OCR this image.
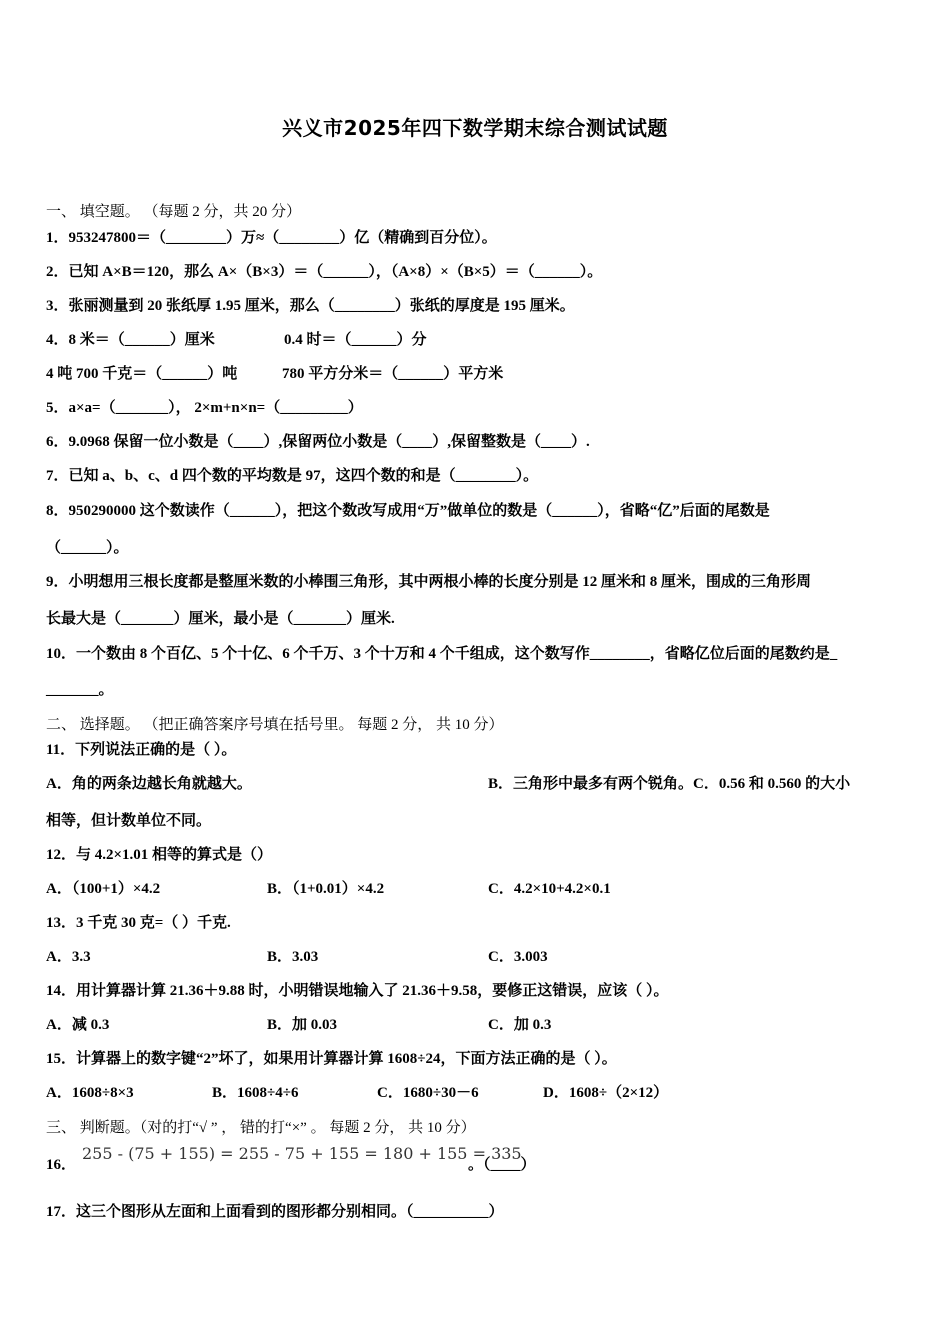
兴义市2025年四下数学期末综合测试试题
一、 填空题。 （每题 2 分，共 20 分）
1．953247800＝（________）万≈（________）亿（精确到百分位）。
2．已知 A×B＝120，那么 A×（B×3）＝（______），（A×8）×（B×5）＝（______）。
3．张丽测量到 20 张纸厚 1.95 厘米，那么（________）张纸的厚度是 195 厘米。
4．8 米＝（______）厘米	0.4 时＝（______）分
4 吨 700 千克＝（______）吨	780 平方分米＝（______）平方米
5．a×a=（_______）， 2×m+n×n=（_________）
6．9.0968 保留一位小数是（____）,保留两位小数是（____）,保留整数是（____）.
7．已知 a、b、c、d 四个数的平均数是 97，这四个数的和是（________）。
8．950290000 这个数读作（______），把这个数改写成用“万”做单位的数是（______），省略“亿”后面的尾数是
（______）。
9．小明想用三根长度都是整厘米数的小棒围三角形，其中两根小棒的长度分别是 12 厘米和 8 厘米，围成的三角形周
长最大是（_______）厘米，最小是（_______）厘米.
10．一个数由 8 个百亿、5 个十亿、6 个千万、3 个十万和 4 个千组成，这个数写作________，省略亿位后面的尾数约是_
_______。
二、 选择题。 （把正确答案序号填在括号里。 每题 2 分， 共 10 分）
11．下列说法正确的是（ ）。
A．角的两条边越长角就越大。	B．三角形中最多有两个锐角。C．0.56 和 0.560 的大小
相等，但计数单位不同。
12．与 4.2×1.01 相等的算式是（）
A．（100+1）×4.2	B．（1+0.01）×4.2	C．4.2×10+4.2×0.1
13．3 千克 30 克=（ ）千克.
A．3.3	B．3.03	C．3.003
14．用计算器计算 21.36＋9.88 时，小明错误地输入了 21.36＋9.58，要修正这错误，应该（ ）。
A．减 0.3	B．加 0.03	C．加 0.3
15．计算器上的数字键“2”坏了，如果用计算器计算 1608÷24，下面方法正确的是（ ）。
A．1608÷8×3	B．1608÷4÷6	C．1680÷30－6	D．1608÷（2×12）
三、 判断题。（对的打“√ ” ， 错的打“×” 。 每题 2 分， 共 10 分）
16．
255 - (75 + 155) = 255 - 75 + 155 = 180 + 155 = 335
。（____）
17．这三个图形从左面和上面看到的图形都分别相同。（__________）
